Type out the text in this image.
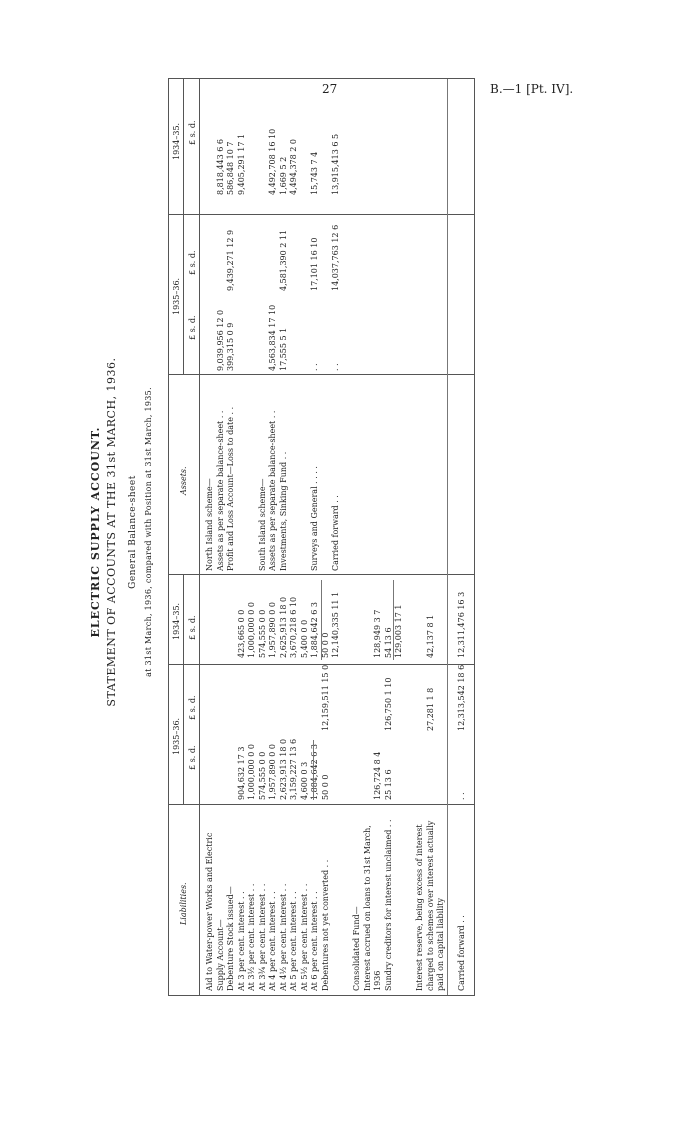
27	B.—1 [Pt. IV].
ELECTRIC SUPPLY ACCOUNT. STATEMENT OF ACCOUNTS AT THE 31st MARCH, 1936. General Balance-sheet at 31st March, 1936, compared with Position at 31st March, 1935.
Liabilities.
Assets.
1935–36.
1934–35.
1935–36.
1934–35.
£ s. d.
£ s. d.
£ s. d.
£ s. d.
£ s. d.
£ s. d.
Aid to Water-power Works and Electric Supply Account— Debenture Stock issued— At 3 per cent. interest . .
904,632 17 3
423,665 0 0
At 3½ per cent. interest . .
1,000,000 0 0
1,000,000 0 0
At 3¾ per cent. interest . .
574,555 0 0
574,555 0 0
At 4 per cent. interest . .
1,957,890 0 0
1,957,890 0 0
At 4½ per cent. interest . .
2,623,913 18 0
2,625,913 18 0
At 5 per cent. interest . .
3,159,227 13 6
3,670,218 6 10
At 5½ per cent. interest . .
4,600 0 3
5,400 0 0
At 6 per cent. interest . .
1,884,642 6 3
1,884,642 6 3
Debentures not yet converted . .
50 0 0
12,159,511 15 0
50 0 0 12,140,335 11 1
Consolidated Fund— Interest accrued on loans to 31st March, 1936
126,724 8 4
128,949 3 7
Sundry creditors for interest unclaimed . .
25 13 6
126,750 1 10
54 13 6 129,003 17 1
Interest reserve, being excess of interest charged to schemes over interest actually
27,281 1 8
42,137 8 1
paid on capital liability Carried forward . .
. .
12,313,542 18 6
12,311,476 16 3
North Island scheme— Assets as per separate balance-sheet . .
9,039,956 12 0
8,818,443 6 6
Profit and Loss Account—Loss to date . .
399,315 0 9
9,439,271 12 9
586,848 10 7 9,405,291 17 1
South Island scheme— Assets as per separate balance-sheet . .
4,563,834 17 10
4,492,708 16 10
Investments, Sinking Fund . .
17,555 5 1
4,581,390 2 11
1,669 5 2 4,494,378 2 0
Surveys and General . . . .
. .
17,101 16 10
15,743 7 4
Carried forward . .
. .
14,037,763 12 6
13,915,413 6 5
